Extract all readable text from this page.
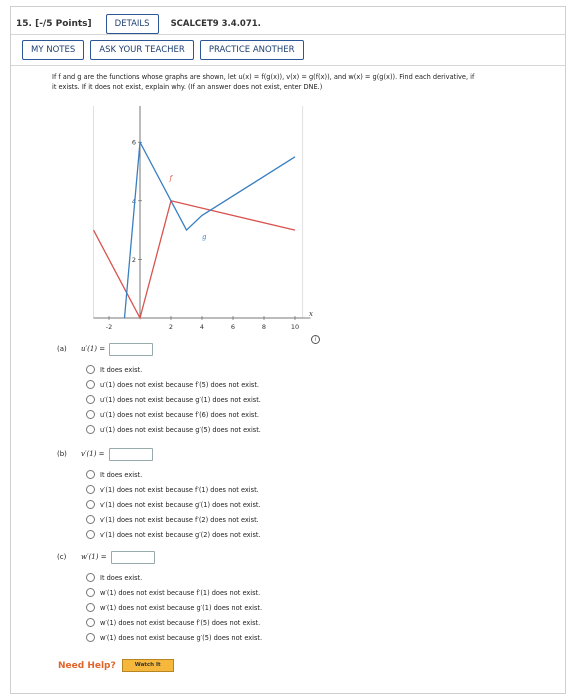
15. [-/5 Points]	DETAILS	SCALCET9 3.4.071.
MY NOTES	ASK YOUR TEACHER	PRACTICE ANOTHER
If f and g are the functions whose graphs are shown, let u(x) = f(g(x)), v(x) = g(f(x)), and w(x) = g(g(x)). Find each derivative, if
it exists. If it does not exist, explain why. (If an answer does not exist, enter DNE.)
-2	2	4	6	8	10
6
4
2
x
f
g
i
(a)	u′(1) =
It does exist.
u′(1) does not exist because f′(5) does not exist.
u′(1) does not exist because g′(1) does not exist.
u′(1) does not exist because f′(6) does not exist.
u′(1) does not exist because g′(5) does not exist.
(b)	v′(1) =
It does exist.
v′(1) does not exist because f′(1) does not exist.
v′(1) does not exist because g′(1) does not exist.
v′(1) does not exist because f′(2) does not exist.
v′(1) does not exist because g′(2) does not exist.
(c)	w′(1) =
It does exist.
w′(1) does not exist because f′(1) does not exist.
w′(1) does not exist because g′(1) does not exist.
w′(1) does not exist because f′(5) does not exist.
w′(1) does not exist because g′(5) does not exist.
Need Help?	Watch It
